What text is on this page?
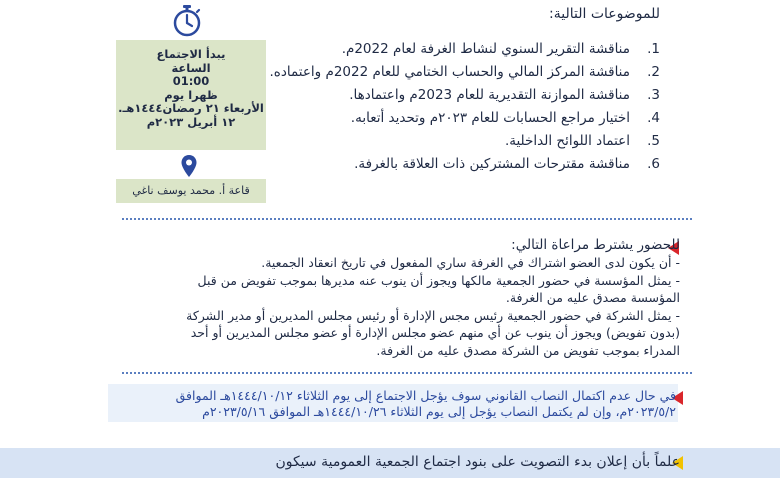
للموضوعات التالية:
1.
مناقشة التقرير السنوي لنشاط الغرفة لعام 2022م.
2.
مناقشة المركز المالي والحساب الختامي للعام 2022م واعتماده.
3.
مناقشة الموازنة التقديرية للعام 2023م واعتمادها.
4.
اختيار مراجع الحسابات للعام ٢٠٢٣م وتحديد أتعابه.
5.
اعتماد اللوائح الداخلية.
6.
مناقشة مقترحات المشتركين ذات العلاقة بالغرفة.
يبدأ الاجتماع
الساعة
01:00
ظهرا يوم
الأربعاء ٢١ رمضان١٤٤٤هـ.
١٢ أبريل ٢٠٢٣م
قاعة أ. محمد يوسف ناغي
للحضور يشترط مراعاة التالي:

- أن يكون لدى العضو اشتراك في الغرفة ساري المفعول في تاريخ انعقاد الجمعية.

- يمثل المؤسسة في حضور الجمعية مالكها ويجوز أن ينوب عنه مديرها بموجب تفويض من قبل

المؤسسة مصدق عليه من الغرفة.

- يمثل الشركة في حضور الجمعية رئيس مجس الإدارة أو رئيس مجلس المديرين أو مدير الشركة

(بدون تفويض) ويجوز أن ينوب عن أي منهم عضو مجلس الإدارة أو عضو مجلس المديرين أو أحد

المدراء بموجب تفويض من الشركة مصدق عليه من الغرفة.

في حال عدم اكتمال النصاب القانوني سوف يؤجل الاجتماع إلى يوم الثلاثاء ١٤٤٤/١٠/١٢هـ الموافق
٢٠٢٣/٥/٢م، وإن لم يكتمل النصاب يؤجل إلى يوم الثلاثاء ١٤٤٤/١٠/٢٦هـ الموافق ٢٠٢٣/٥/١٦م
علماً بأن إعلان بدء التصويت على بنود اجتماع الجمعية العمومية سيكون
